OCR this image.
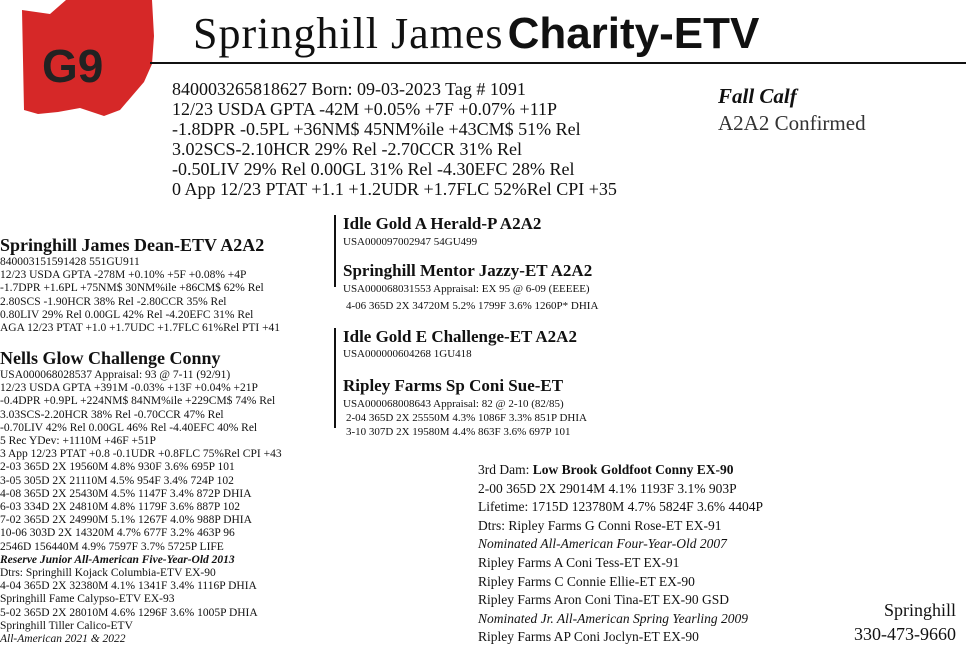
G9
Springhill James Charity-ETV
840003265818627 Born: 09-03-2023 Tag # 1091
12/23 USDA GPTA -42M +0.05% +7F +0.07% +11P
-1.8DPR -0.5PL +36NM$ 45NM%ile +43CM$ 51% Rel
3.02SCS-2.10HCR 29% Rel -2.70CCR 31% Rel
-0.50LIV 29% Rel 0.00GL 31% Rel -4.30EFC 28% Rel
0 App 12/23 PTAT +1.1 +1.2UDR +1.7FLC 52%Rel CPI +35
Fall Calf
A2A2 Confirmed
Springhill James Dean-ETV A2A2
840003151591428 551GU911
12/23 USDA GPTA -278M +0.10% +5F +0.08% +4P
-1.7DPR +1.6PL +75NM$ 30NM%ile +86CM$ 62% Rel
2.80SCS -1.90HCR 38% Rel -2.80CCR 35% Rel
0.80LIV 29% Rel 0.00GL 42% Rel -4.20EFC 31% Rel
AGA 12/23 PTAT +1.0 +1.7UDC +1.7FLC 61%Rel PTI +41
Nells Glow Challenge Conny
USA000068028537 Appraisal: 93 @ 7-11 (92/91)
12/23 USDA GPTA +391M -0.03% +13F +0.04% +21P
-0.4DPR +0.9PL +224NM$ 84NM%ile +229CM$ 74% Rel
3.03SCS-2.20HCR 38% Rel -0.70CCR 47% Rel
-0.70LIV 42% Rel 0.00GL 46% Rel -4.40EFC 40% Rel
5 Rec YDev: +1110M +46F +51P
3 App 12/23 PTAT +0.8 -0.1UDR +0.8FLC 75%Rel CPI +43
2-03 365D 2X 19560M 4.8% 930F 3.6% 695P 101
3-05 305D 2X 21110M 4.5% 954F 3.4% 724P 102
4-08 365D 2X 25430M 4.5% 1147F 3.4% 872P DHIA
6-03 334D 2X 24810M 4.8% 1179F 3.6% 887P 102
7-02 365D 2X 24990M 5.1% 1267F 4.0% 988P DHIA
10-06 303D 2X 14320M 4.7% 677F 3.2% 463P 96
2546D 156440M 4.9% 7597F 3.7% 5725P LIFE
Reserve Junior All-American Five-Year-Old 2013
Dtrs: Springhill Kojack Columbia-ETV EX-90
4-04 365D 2X 32380M 4.1% 1341F 3.4% 1116P DHIA
Springhill Fame Calypso-ETV EX-93
5-02 365D 2X 28010M 4.6% 1296F 3.6% 1005P DHIA
Springhill Tiller Calico-ETV
All-American 2021 & 2022
Idle Gold A Herald-P A2A2
USA000097002947 54GU499
Springhill Mentor Jazzy-ET A2A2
USA000068031553 Appraisal: EX 95 @ 6-09 (EEEEE)
4-06 365D 2X 34720M 5.2% 1799F 3.6% 1260P* DHIA
Idle Gold E Challenge-ET A2A2
USA000000604268 1GU418
Ripley Farms Sp Coni Sue-ET
USA000068008643 Appraisal: 82 @ 2-10 (82/85)
2-04 365D 2X 25550M 4.3% 1086F 3.3% 851P DHIA
3-10 307D 2X 19580M 4.4% 863F 3.6% 697P 101
3rd Dam: Low Brook Goldfoot Conny EX-90
2-00 365D 2X 29014M 4.1% 1193F 3.1% 903P
Lifetime: 1715D 123780M 4.7% 5824F 3.6% 4404P
Dtrs: Ripley Farms G Conni Rose-ET EX-91
Nominated All-American Four-Year-Old 2007
Ripley Farms A Coni Tess-ET EX-91
Ripley Farms C Connie Ellie-ET EX-90
Ripley Farms Aron Coni Tina-ET EX-90 GSD
Nominated Jr. All-American Spring Yearling 2009
Ripley Farms AP Coni Joclyn-ET EX-90
Springhill
330-473-9660
